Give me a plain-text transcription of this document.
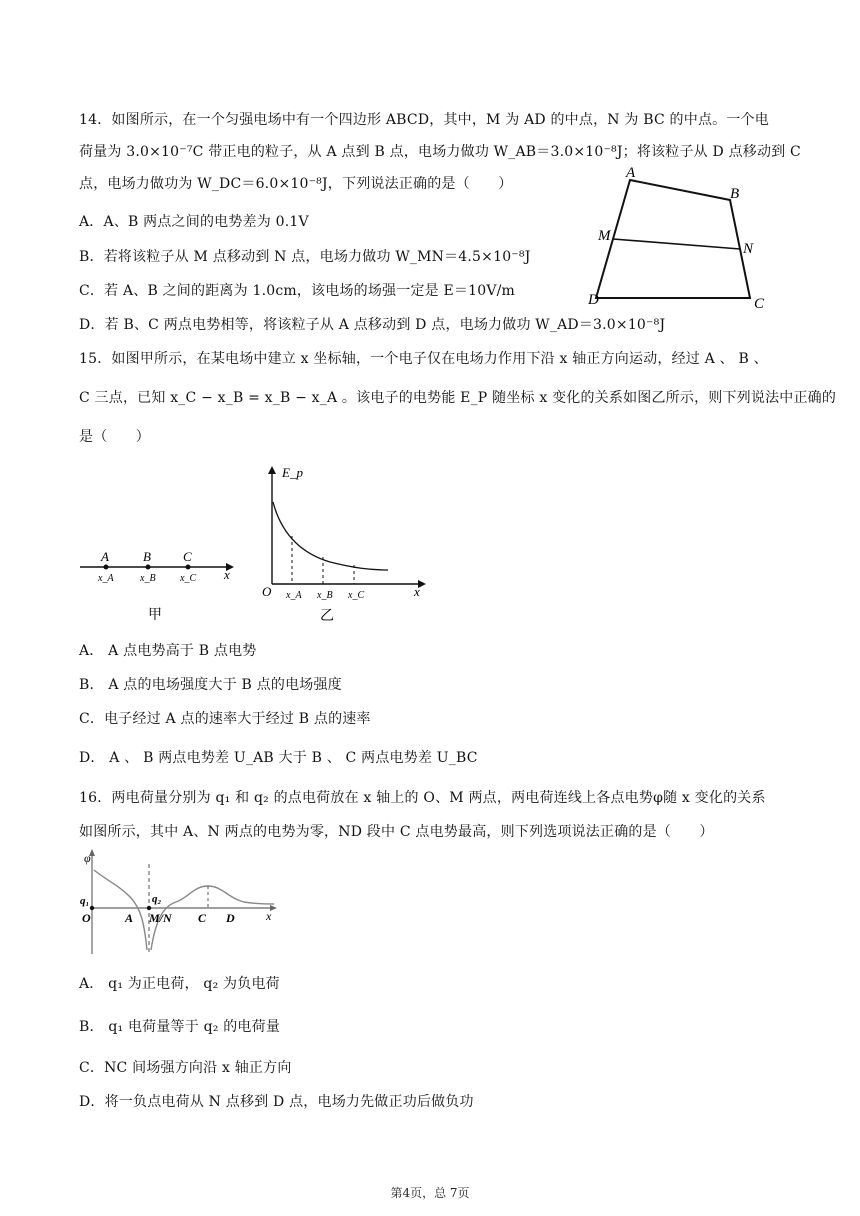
14．如图所示，在一个匀强电场中有一个四边形 ABCD，其中，M 为 AD 的中点，N 为 BC 的中点。一个电
荷量为 3.0×10⁻⁷C 带正电的粒子，从 A 点到 B 点，电场力做功 W_AB＝3.0×10⁻⁸J；将该粒子从 D 点移动到 C
点，电场力做功为 W_DC＝6.0×10⁻⁸J，下列说法正确的是（　　）
A．A、B 两点之间的电势差为 0.1V
B．若将该粒子从 M 点移动到 N 点，电场力做功 W_MN＝4.5×10⁻⁸J
C．若 A、B 之间的距离为 1.0cm，该电场的场强一定是 E＝10V/m
D．若 B、C 两点电势相等，将该粒子从 A 点移动到 D 点，电场力做功 W_AD＝3.0×10⁻⁸J
A
B
M
N
D	C
15．如图甲所示，在某电场中建立 x 坐标轴，一个电子仅在电场力作用下沿 x 轴正方向运动，经过 A 、 B 、
C 三点，已知 x_C − x_B = x_B − x_A 。该电子的电势能 E_P 随坐标 x 变化的关系如图乙所示，则下列说法中正确的
是（　　）
A	B C
x_A	x_B x_C x
甲
E_p
O x_A x_B x_C	x
乙
A． A 点电势高于 B 点电势
B． A 点的电场强度大于 B 点的电场强度
C．电子经过 A 点的速率大于经过 B 点的速率
D． A 、 B 两点电势差 U_AB 大于 B 、 C 两点电势差 U_BC
16．两电荷量分别为 q₁ 和 q₂ 的点电荷放在 x 轴上的 O、M 两点，两电荷连线上各点电势φ随 x 变化的关系
如图所示，其中 A、N 两点的电势为零，ND 段中 C 点电势最高，则下列选项说法正确的是（　　）
φ
q₁	q₂
O	A M/N C D	x
A． q₁ 为正电荷， q₂ 为负电荷
B． q₁ 电荷量等于 q₂ 的电荷量
C．NC 间场强方向沿 x 轴正方向
D．将一负点电荷从 N 点移到 D 点，电场力先做正功后做负功
第4页，总 7页
